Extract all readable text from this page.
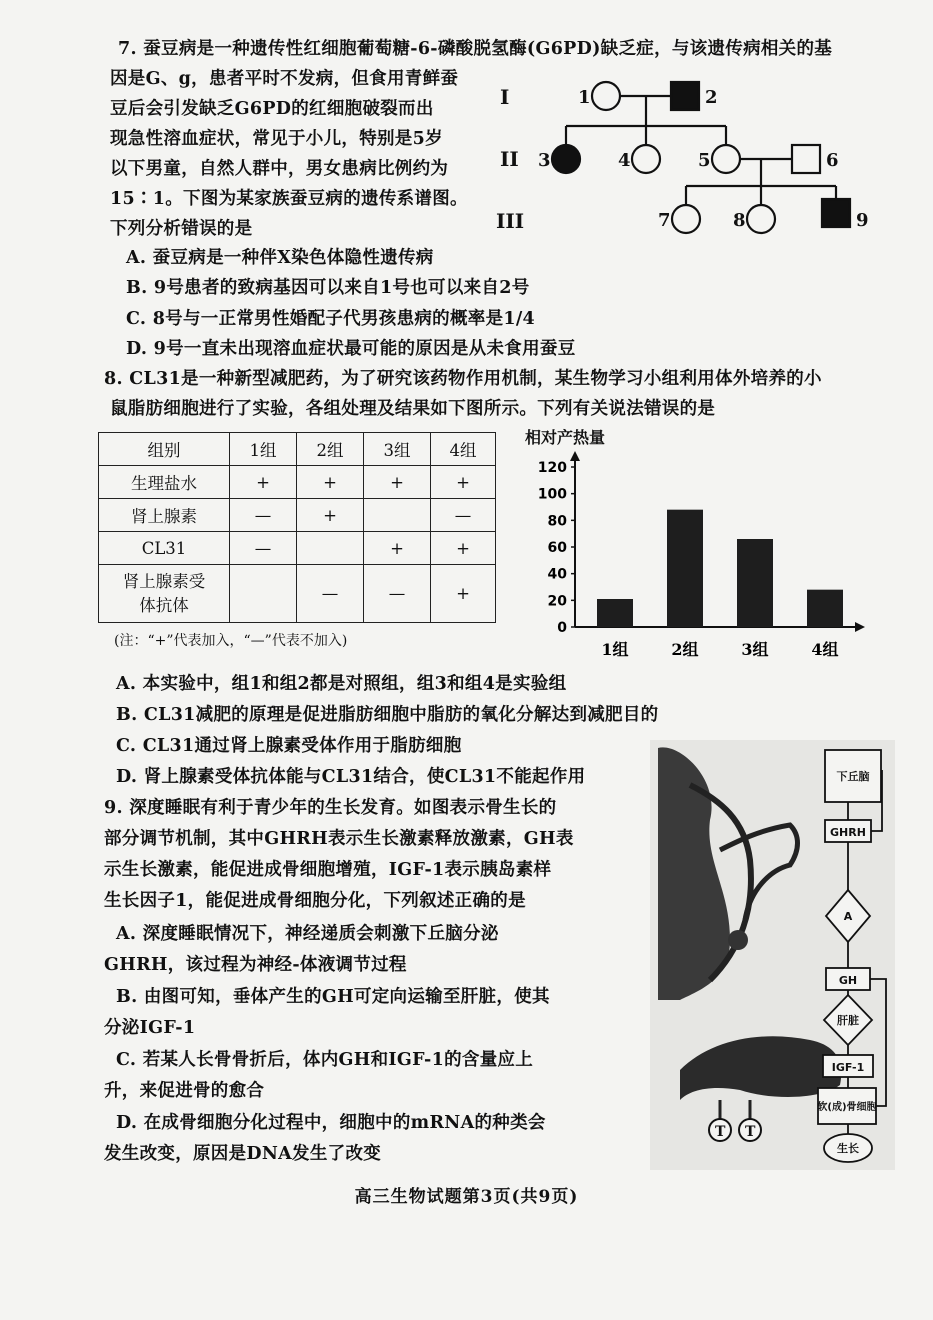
7. 蚕豆病是一种遗传性红细胞葡萄糖-6-磷酸脱氢酶(G6PD)缺乏症，与该遗传病相关的基
因是G、g，患者平时不发病，但食用青鲜蚕
豆后会引发缺乏G6PD的红细胞破裂而出
现急性溶血症状，常见于小儿，特别是5岁
以下男童，自然人群中，男女患病比例约为
15∶1。下图为某家族蚕豆病的遗传系谱图。
下列分析错误的是
A. 蚕豆病是一种伴X染色体隐性遗传病
B. 9号患者的致病基因可以来自1号也可以来自2号
C. 8号与一正常男性婚配子代男孩患病的概率是1/4
D. 9号一直未出现溶血症状最可能的原因是从未食用蚕豆
I
II
III
1	2
3	4	5	6
7	8	9
8. CL31是一种新型减肥药，为了研究该药物作用机制，某生物学习小组利用体外培养的小
鼠脂肪细胞进行了实验，各组处理及结果如下图所示。下列有关说法错误的是
组别	1组	2组	3组	4组
生理盐水	+	+	+	+
肾上腺素	—	+		—
CL31	—		+	+
肾上腺素受体抗体		—	—	+
(注：“+”代表加入，“—”代表不加入)
相对产热量
0
20
40
60
80
100
120
1组	2组	3组	4组
A. 本实验中，组1和组2都是对照组，组3和组4是实验组
B. CL31减肥的原理是促进脂肪细胞中脂肪的氧化分解达到减肥目的
C. CL31通过肾上腺素受体作用于脂肪细胞
D. 肾上腺素受体抗体能与CL31结合，使CL31不能起作用
9. 深度睡眠有利于青少年的生长发育。如图表示骨生长的
部分调节机制，其中GHRH表示生长激素释放激素，GH表
示生长激素，能促进成骨细胞增殖，IGF-1表示胰岛素样
生长因子1，能促进成骨细胞分化，下列叙述正确的是
A. 深度睡眠情况下，神经递质会刺激下丘脑分泌
GHRH，该过程为神经-体液调节过程
B. 由图可知，垂体产生的GH可定向运输至肝脏，使其
分泌IGF-1
C. 若某人长骨骨折后，体内GH和IGF-1的含量应上
升，来促进骨的愈合
D. 在成骨细胞分化过程中，细胞中的mRNA的种类会
发生改变，原因是DNA发生了改变
T T
下丘脑
GHRH
A
GH
肝脏
IGF-1
软(成)骨细胞
生长
高三生物试题第3页(共9页)
